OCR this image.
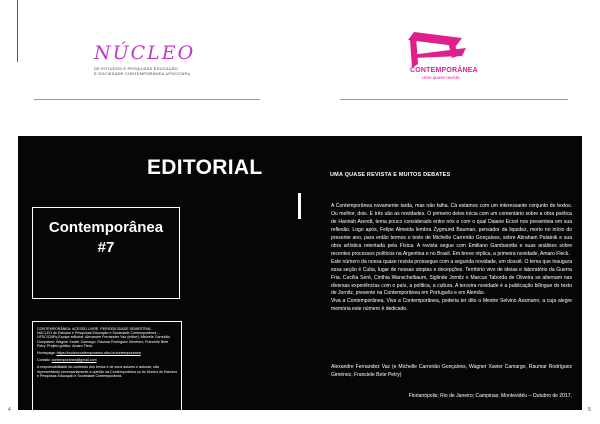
NÚCLEO
DE ESTUDOS E PESQUISAS EDUCAÇÃO
E SOCIEDADE CONTEMPORÂNEA UFSC/CNPq	CONTEMPORÂNEA
Uma quase revista
EDITORIAL	UMA QUASE REVISTA E MUITOS DEBATES
Contemporânea
#7

CONTEMPORÂNEA: ACESSO LIVRE. PERIODICIDADE SEMESTRAL
NÚCLEO de Estudos e Pesquisas Educação e Sociedade Contemporânea – UFSC/CNPq Equipe editorial: Alexandre Fernandez Vaz (editor); Michelle Carreirão Gonçalves; Wagner Xavier Camargo; Raumar Rodríguez Giménez; Franciele Bete Petry. Projeto gráfico: Amaro Fleck.

Homepage: https://nucleocontemporaneo.ufsc.br/contemporanea

Contato: contemporanea@gmail.com

A responsabilidade do conteúdo dos textos é de seus autores e autoras, não representando necessariamente a opinião da Contemporânea ou do Núcleo de Estudos e Pesquisas Educação e Sociedade Contemporânea.

A Contemporânea novamente tarda, mas não falha. Cá estamos com um interessante conjunto de textos. Ou melhor, dois. E três são as novidades. O primeiro deles inicia com um comentário sobre a obra poética de Hannah Arendt, tema pouco considerado entre nós e com o qual Daiane Eccel nos presenteia em sua reflexão. Logo após, Felipe Almeida lembra Zygmund Bauman, pensador da liquidez, morto no início do presente ano, para então termos o texto de Michelle Carreirão Gonçalves, sobre Abraham Palatnik e sua obra artística orientada pela Física. A revista segue com Emiliano Gambarotta e suas análises sobre recentes processos políticos na Argentina e no Brasil. Em breve réplica, a primeira novidade, Amaro Fleck.

Este número da nossa quase revista prossegue com a segunda novidade, um dossiê. O tema que inaugura essa seção é Cuba, lugar de nossas utopias e decepções. Território vivo de ideias e laboratório da Guerra Fria. Cecília Seré, Cinthia Wanschelbaum, Siglinde Jornitz e Marcus Taborda de Oliveira se alternam nas diversas experiências com o país, a política, a cultura. A terceira novidade é a publicação bilíngue do texto de Jornitz, presente na Contemporânea em Português e em Alemão.

Viva a Contemporânea, Viva a Contemporânea, poderia ter dito o Mestre Selvino Assmann, a cuja alegre memória este número é dedicado.

Alexandre Fernandez Vaz (e Michelle Carreirão Gonçalves, Wagner Xavier Camargo, Raumar Rodríguez Giménez, Franciele Bete Petry)
Florianópolis; Rio de Janeiro; Campinas; Montevidéu – Outubro de 2017.
4	5
